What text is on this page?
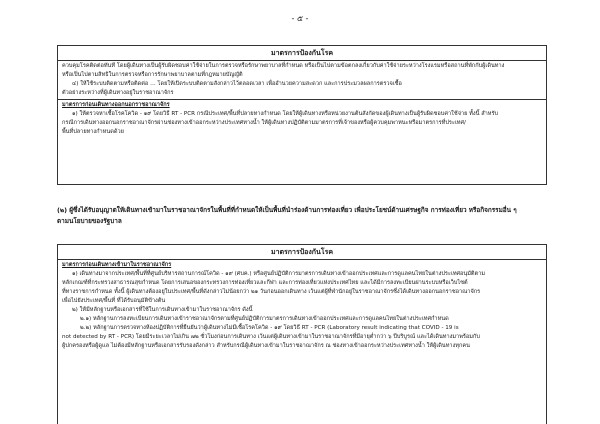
- ๕ -
มาตรการป้องกันโรค
ควบคุมโรคติดต่อทันที โดยผู้เดินทางเป็นผู้รับผิดชอบค่าใช้จ่ายในการตรวจหรือรักษาพยาบาลที่กำหนด หรือเป็นไปตามข้อตกลงเกี่ยวกับค่าใช้จ่ายระหว่างโรงแรมหรือสถานที่พักกับผู้เดินทาง
หรือเป็นไปตามสิทธิในการตรวจหรือการรักษาพยาบาลตามที่กฎหมายบัญญัติ
๔) ให้ใช้ระบบติดตามหรือติดต่อ … โดยให้เปิดระบบติดตามสังกล่าวไว้ตลอดเวลา เพื่ออำนวยความสะดวก และการประมวลผลการตรวจเชื้อ
ตัวอย่างระหว่างที่ผู้เดินทางอยู่ในราชอาณาจักร
มาตรการก่อนเดินทางออกนอกราชอาณาจักร
๑) ให้ตรวจหาเชื้อโรคโควิด - ๑๙ โดยวิธี RT - PCR กรณีประเทศ/พื้นที่ปลายทางกำหนด โดยให้ผู้เดินทางหรือหน่วยงานต้นสังกัดของผู้เดินทางเป็นผู้รับผิดชอบค่าใช้จ่าย ทั้งนี้ สำหรับ
กรณีการเดินทางออกนอกราชอาณาจักรผ่านช่องทางเข้าออกระหว่างประเทศทางน้ำ ให้ผู้เดินทางปฏิบัติตามมาตรการที่เจ้าของหรือผู้ควบคุมพาหนะหรือมาตรการที่ประเทศ/
พื้นที่ปลายทางกำหนดด้วย
(๒) ผู้ซึ่งได้รับอนุญาตให้เดินทางเข้ามาในราชอาณาจักรในพื้นที่ที่กำหนดให้เป็นพื้นที่นำร่องด้านการท่องเที่ยว เพื่อประโยชน์ด้านเศรษฐกิจ การท่องเที่ยว หรือกิจกรรมอื่น ๆ
ตามนโยบายของรัฐบาล
มาตรการป้องกันโรค
มาตรการก่อนเดินทางเข้ามาในราชอาณาจักร
๑) เดินทางมาจากประเทศ/พื้นที่ที่ศูนย์บริหารสถานการณ์โควิด - ๑๙ (ศบค.) หรือศูนย์ปฏิบัติการมาตรการเดินทางเข้าออกประเทศและการดูแลคนไทยในต่างประเทศอนุมัติตาม
หลักเกณฑ์ที่กระทรวงสาธารณสุขกำหนด โดยการเสนอของกระทรวงการท่องเที่ยวและกีฬา และการท่องเที่ยวแห่งประเทศไทย และได้มีการลงทะเบียนผ่านระบบหรือเว็บไซต์
ที่ทางราชการกำหนด ทั้งนี้ ผู้เดินทางต้องอยู่ในประเทศ/พื้นที่ดังกล่าวไม่น้อยกว่า ๒๑ วันก่อนออกเดินทาง เว้นแต่ผู้ที่พำนักอยู่ในราชอาณาจักรซึ่งได้เดินทางออกนอกราชอาณาจักร
เพื่อไปยังประเทศ/พื้นที่ ที่ได้รับอนุมัติข้างต้น
๒) ให้มีหลักฐานหรือเอกสารที่ใช้ในการเดินทางเข้ามาในราชอาณาจักร ดังนี้
๒.๑) หลักฐานการลงทะเบียนการเดินทางเข้าราชอาณาจักรตามที่ศูนย์ปฏิบัติการมาตรการเดินทางเข้าออกประเทศและการดูแลคนไทยในต่างประเทศกำหนด
๒.๒) หลักฐานการตรวจทางห้องปฏิบัติการที่ยืนยันว่าผู้เดินทางไม่มีเชื้อโรคโควิด - ๑๙ โดยวิธี RT - PCR (Laboratory result indicating that COVID - 19 is
not detected by RT - PCR) โดยมีระยะเวลาไม่เกิน ๗๒ ชั่วโมงก่อนการเดินทาง เว้นแต่ผู้เดินทางเข้ามาในราชอาณาจักรที่มีอายุต่ำกว่า ๖ ปีบริบูรณ์ และได้เดินทางมาพร้อมกับ
ผู้ปกครองหรือผู้ดูแล ไม่ต้องมีหลักฐานหรือเอกสารรับรองดังกล่าว สำหรับกรณีผู้เดินทางเข้ามาในราชอาณาจักร ณ ช่องทางเข้าออกระหว่างประเทศทางน้ำ ให้ผู้เดินทางทุกคน
